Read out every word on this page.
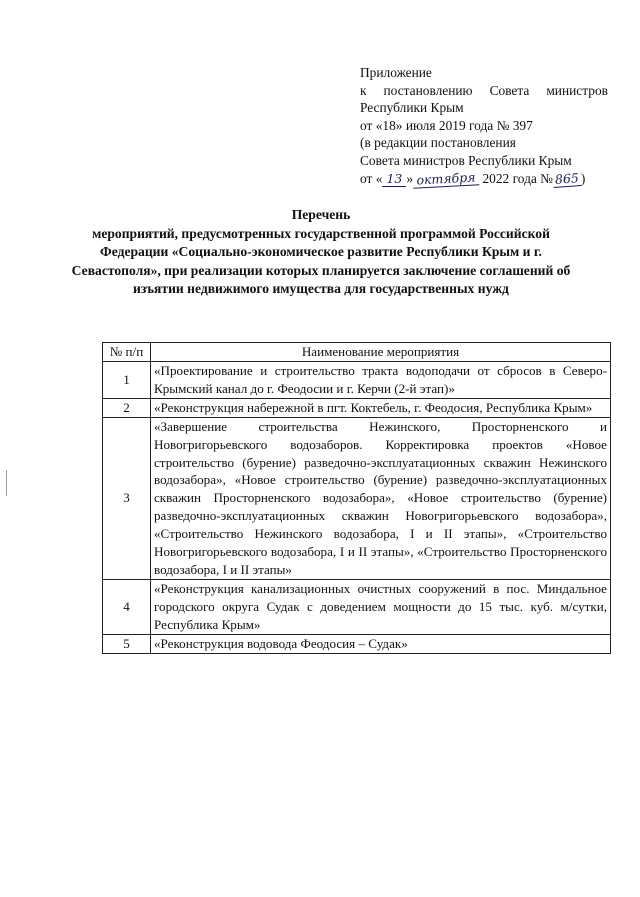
Приложение
к постановлению Совета министров
Республики Крым
от «18» июля 2019 года № 397
(в редакции постановления
Совета министров Республики Крым
от « 13 » октября 2022 года №865 )
Перечень
мероприятий, предусмотренных государственной программой Российской Федерации «Социально-экономическое развитие Республики Крым и г. Севастополя», при реализации которых планируется заключение соглашений об изъятии недвижимого имущества для государственных нужд
№ п/п	Наименование мероприятия
1	«Проектирование и строительство тракта водоподачи от сбросов в Северо-Крымский канал до г. Феодосии и г. Керчи (2-й этап)»
2	«Реконструкция набережной в пгт. Коктебель, г. Феодосия, Республика Крым»
3	«Завершение строительства Нежинского, Просторненского и Новогригорьевского водозаборов. Корректировка проектов «Новое строительство (бурение) разведочно-эксплуатационных скважин Нежинского водозабора», «Новое строительство (бурение) разведочно-эксплуатационных скважин Просторненского водозабора», «Новое строительство (бурение) разведочно-эксплуатационных скважин Новогригорьевского водозабора», «Строительство Нежинского водозабора, I и II этапы», «Строительство Новогригорьевского водозабора, I и II этапы», «Строительство Просторненского водозабора, I и II этапы»
4	«Реконструкция канализационных очистных сооружений в пос. Миндальное городского округа Судак с доведением мощности до 15 тыс. куб. м/сутки, Республика Крым»
5	«Реконструкция водовода Феодосия – Судак»
